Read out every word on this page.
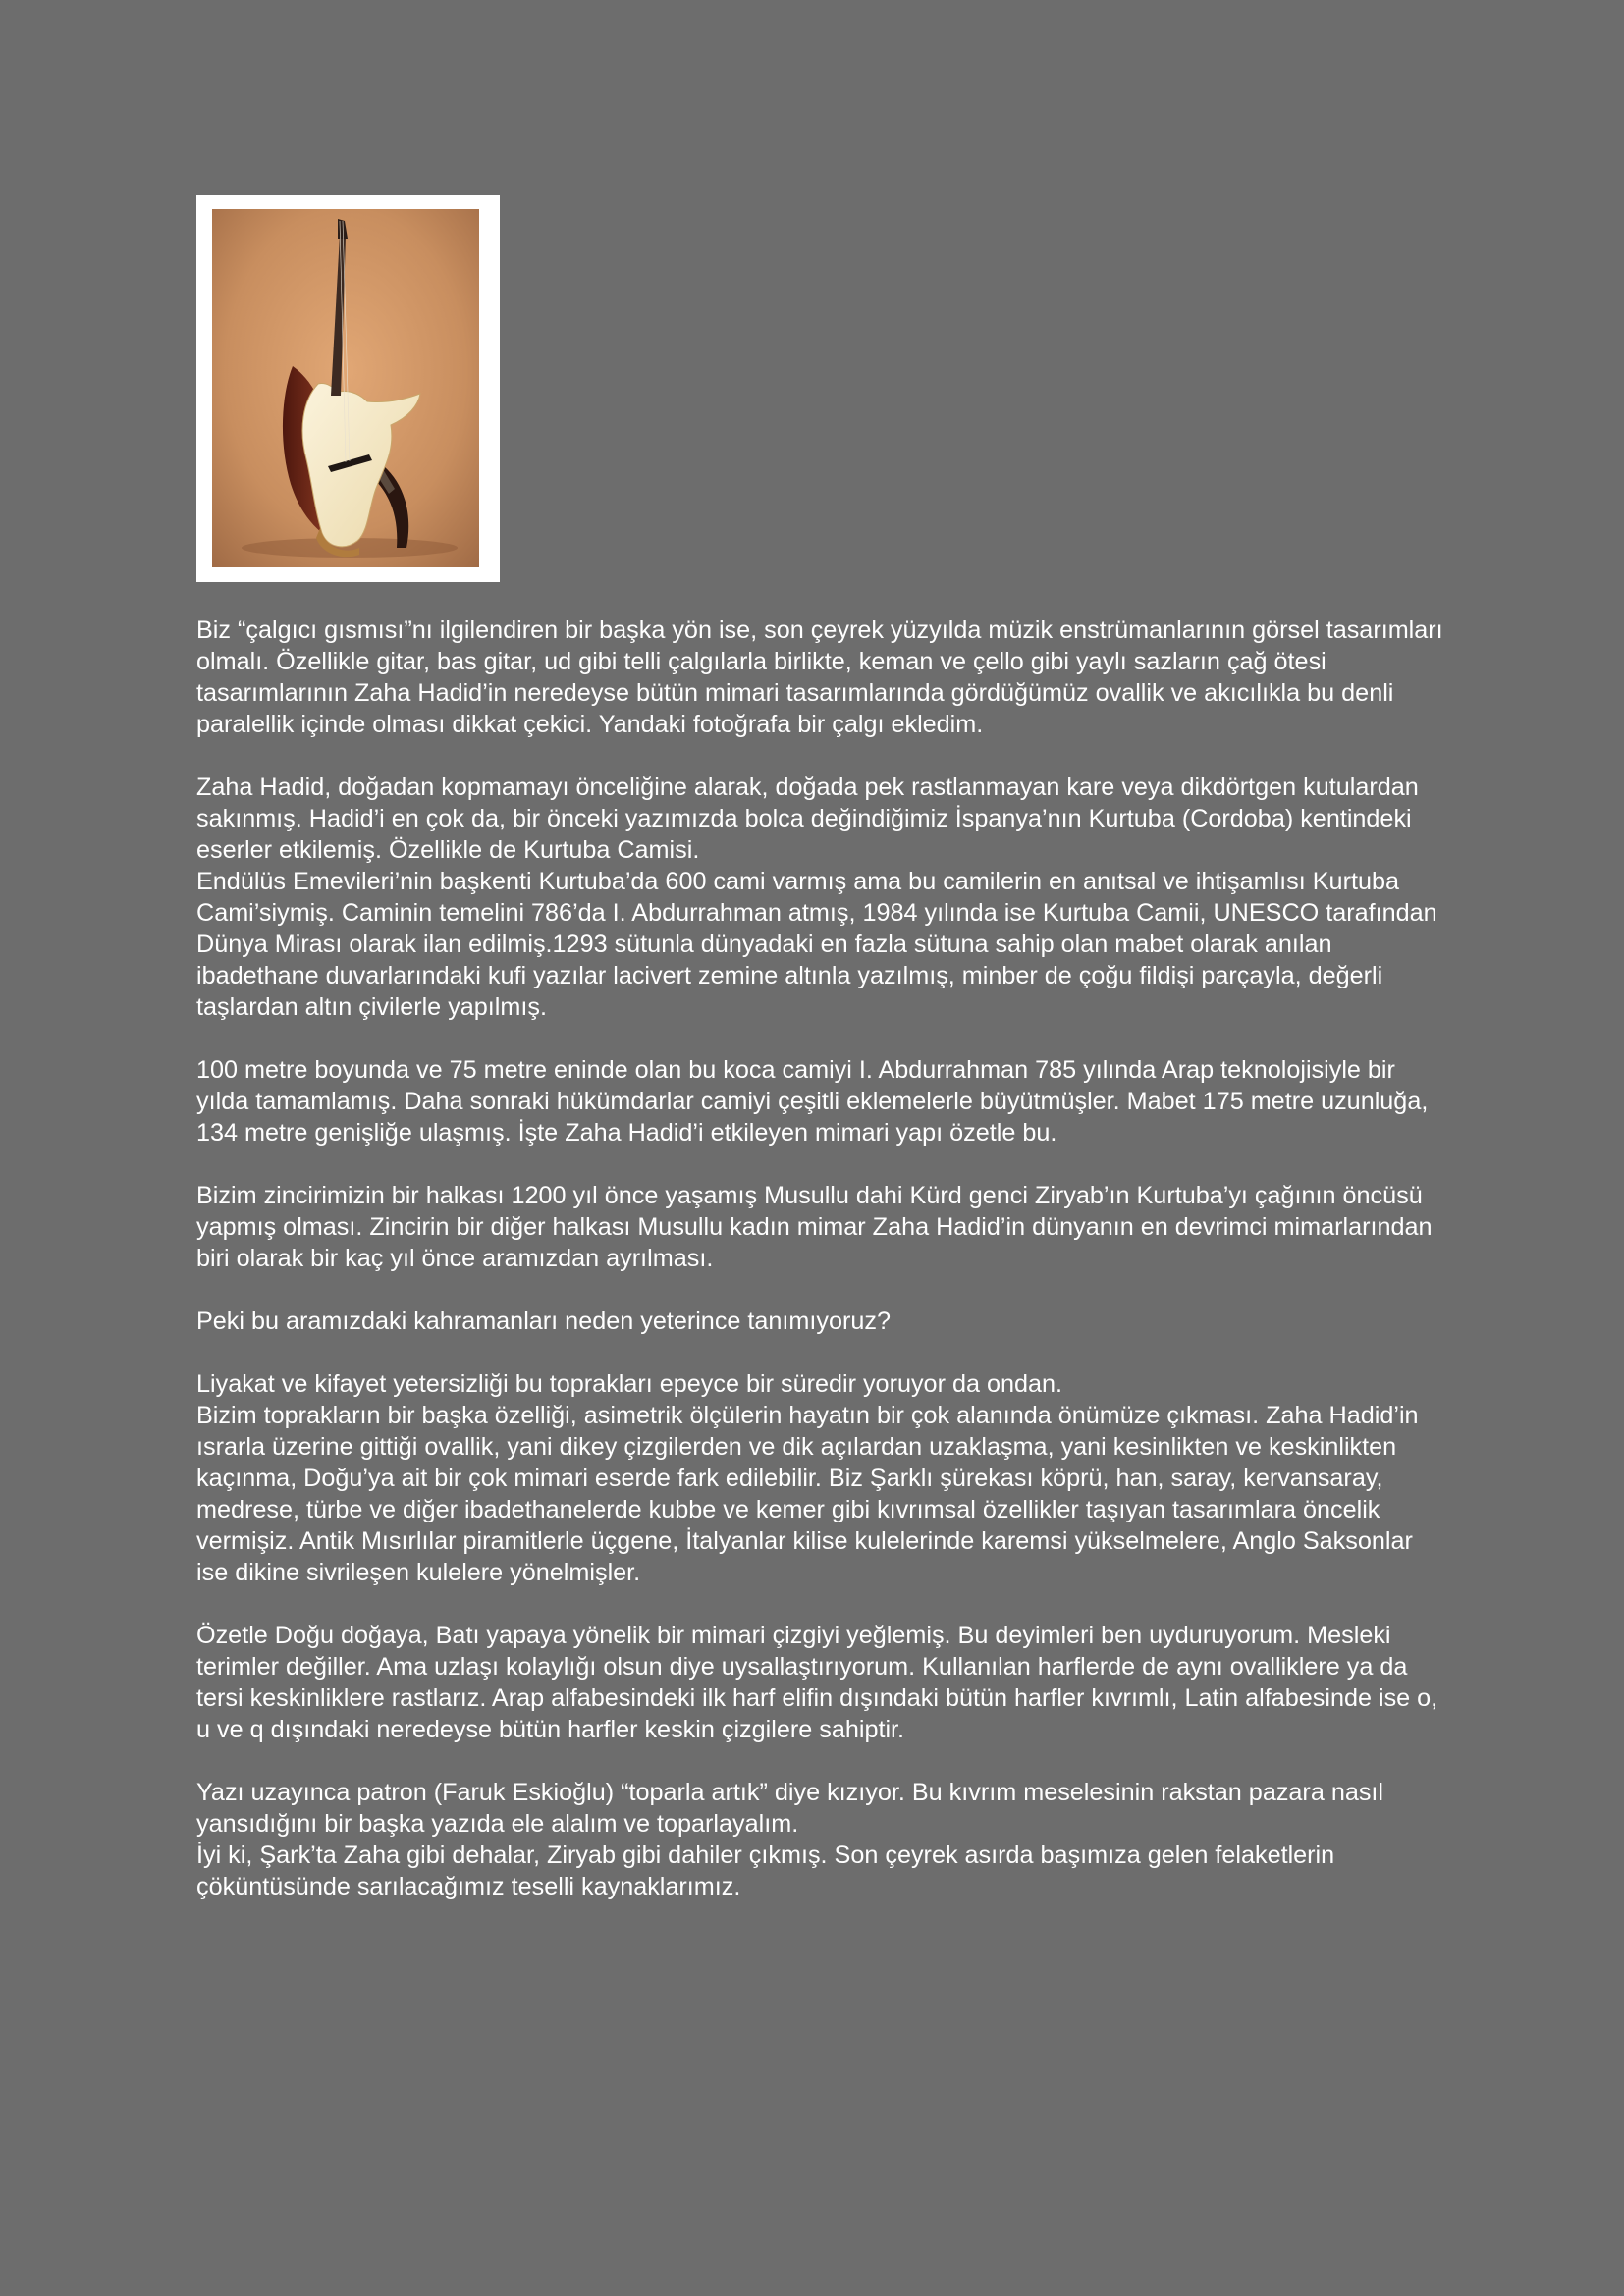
Biz “çalgıcı gısmısı”nı ilgilendiren bir başka yön ise, son çeyrek yüzyılda müzik enstrümanlarının görsel tasarımları olmalı. Özellikle gitar, bas gitar, ud gibi telli çalgılarla birlikte, keman ve çello gibi yaylı sazların çağ ötesi tasarımlarının Zaha Hadid’in neredeyse bütün mimari tasarımlarında gördüğümüz ovallik ve akıcılıkla bu denli paralellik içinde olması dikkat çekici. Yandaki fotoğrafa bir çalgı ekledim.

Zaha Hadid, doğadan kopmamayı önceliğine alarak, doğada pek rastlanmayan kare veya dikdörtgen kutulardan sakınmış. Hadid’i en çok da, bir önceki yazımızda bolca değindiğimiz İspanya’nın Kurtuba (Cordoba) kentindeki eserler etkilemiş. Özellikle de Kurtuba Camisi.

Endülüs Emevileri’nin başkenti Kurtuba’da 600 cami varmış ama bu camilerin en anıtsal ve ihtişamlısı Kurtuba Cami’siymiş. Caminin temelini 786’da I. Abdurrahman atmış, 1984 yılında ise Kurtuba Camii, UNESCO tarafından Dünya Mirası olarak ilan edilmiş.1293 sütunla dünyadaki en fazla sütuna sahip olan mabet olarak anılan ibadethane duvarlarındaki kufi yazılar lacivert zemine altınla yazılmış, minber de çoğu fildişi parçayla, değerli taşlardan altın çivilerle yapılmış.

100 metre boyunda ve 75 metre eninde olan bu koca camiyi I. Abdurrahman 785 yılında Arap teknolojisiyle bir yılda tamamlamış. Daha sonraki hükümdarlar camiyi çeşitli eklemelerle büyütmüşler. Mabet 175 metre uzunluğa, 134 metre genişliğe ulaşmış. İşte Zaha Hadid’i etkileyen mimari yapı özetle bu.

Bizim zincirimizin bir halkası 1200 yıl önce yaşamış Musullu dahi Kürd genci Ziryab’ın Kurtuba’yı çağının öncüsü yapmış olması. Zincirin bir diğer halkası Musullu kadın mimar Zaha Hadid’in dünyanın en devrimci mimarlarından biri olarak bir kaç yıl önce aramızdan ayrılması.

Peki bu aramızdaki kahramanları neden yeterince tanımıyoruz?

Liyakat ve kifayet yetersizliği bu toprakları epeyce bir süredir yoruyor da ondan.

Bizim toprakların bir başka özelliği, asimetrik ölçülerin hayatın bir çok alanında önümüze çıkması. Zaha Hadid’in ısrarla üzerine gittiği ovallik, yani dikey çizgilerden ve dik açılardan uzaklaşma, yani kesinlikten ve keskinlikten kaçınma, Doğu’ya ait bir çok mimari eserde fark edilebilir. Biz Şarklı şürekası köprü, han, saray, kervansaray, medrese, türbe ve diğer ibadethanelerde kubbe ve kemer gibi kıvrımsal özellikler taşıyan tasarımlara öncelik vermişiz. Antik Mısırlılar piramitlerle üçgene, İtalyanlar kilise kulelerinde karemsi yükselmelere, Anglo Saksonlar ise dikine sivrileşen kulelere yönelmişler.

Özetle Doğu doğaya, Batı yapaya yönelik bir mimari çizgiyi yeğlemiş. Bu deyimleri ben uyduruyorum. Mesleki terimler değiller. Ama uzlaşı kolaylığı olsun diye uysallaştırıyorum. Kullanılan harflerde de aynı ovalliklere ya da tersi keskinliklere rastlarız. Arap alfabesindeki ilk harf elifin dışındaki bütün harfler kıvrımlı, Latin alfabesinde ise o, u ve q dışındaki neredeyse bütün harfler keskin çizgilere sahiptir.

Yazı uzayınca patron (Faruk Eskioğlu) “toparla artık” diye kızıyor. Bu kıvrım meselesinin rakstan pazara nasıl yansıdığını bir başka yazıda ele alalım ve toparlayalım.

İyi ki, Şark’ta Zaha gibi dehalar, Ziryab gibi dahiler çıkmış. Son çeyrek asırda başımıza gelen felaketlerin çöküntüsünde sarılacağımız teselli kaynaklarımız.
